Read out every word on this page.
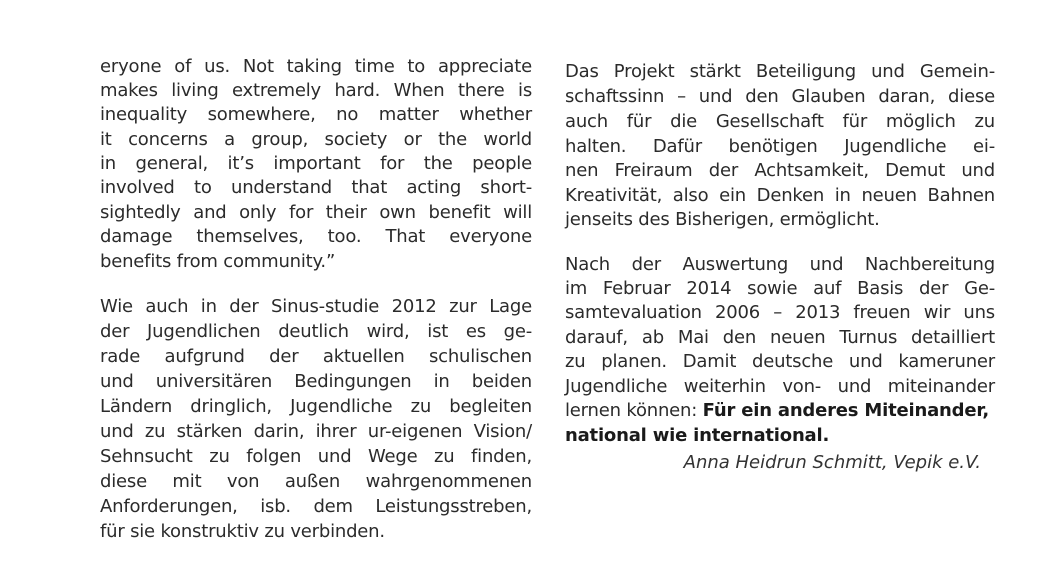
eryone of us. Not taking time to appreciate
makes living extremely hard. When there is
inequality somewhere, no matter whether
it concerns a group, society or the world
in general, it’s important for the people
involved to understand that acting short-
sightedly and only for their own benefit will
damage themselves, too. That everyone
benefits from community.”
Wie auch in der Sinus-studie 2012 zur Lage
der Jugendlichen deutlich wird, ist es ge-
rade aufgrund der aktuellen schulischen
und universitären Bedingungen in beiden
Ländern dringlich, Jugendliche zu begleiten
und zu stärken darin, ihrer ur-eigenen Vision/
Sehnsucht zu folgen und Wege zu finden,
diese mit von außen wahrgenommenen
Anforderungen, isb. dem Leistungsstreben,
für sie konstruktiv zu verbinden.
Das Projekt stärkt Beteiligung und Gemein-
schaftssinn – und den Glauben daran, diese
auch für die Gesellschaft für möglich zu
halten. Dafür benötigen Jugendliche ei-
nen Freiraum der Achtsamkeit, Demut und
Kreativität, also ein Denken in neuen Bahnen
jenseits des Bisherigen, ermöglicht.
Nach der Auswertung und Nachbereitung
im Februar 2014 sowie auf Basis der Ge-
samtevaluation 2006 – 2013 freuen wir uns
darauf, ab Mai den neuen Turnus detailliert
zu planen. Damit deutsche und kameruner
Jugendliche weiterhin von- und miteinander
lernen können: Für ein anderes Miteinander,
national wie international.
Anna Heidrun Schmitt, Vepik e.V.
